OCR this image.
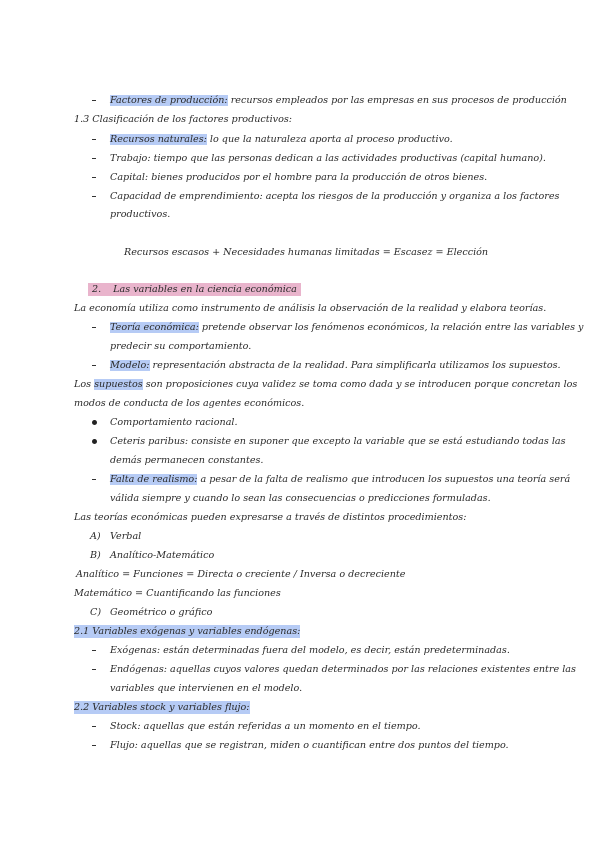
Factores de producción: recursos empleados por las empresas en sus procesos de producción
1.3 Clasificación de los factores productivos:
Recursos naturales: lo que la naturaleza aporta al proceso productivo.
Trabajo: tiempo que las personas dedican a las actividades productivas (capital humano).
Capital: bienes producidos por el hombre para la producción de otros bienes.
Capacidad de emprendimiento: acepta los riesgos de la producción y organiza a los factores
productivos.
Recursos escasos + Necesidades humanas limitadas = Escasez = Elección
2. Las variables en la ciencia económica
La economía utiliza como instrumento de análisis la observación de la realidad y elabora teorías.
Teoría económica: pretende observar los fenómenos económicos, la relación entre las variables y
predecir su comportamiento.
Modelo: representación abstracta de la realidad. Para simplificarla utilizamos los supuestos.
Los supuestos son proposiciones cuya validez se toma como dada y se introducen porque concretan los
modos de conducta de los agentes económicos.
Comportamiento racional.
Ceteris paribus: consiste en suponer que excepto la variable que se está estudiando todas las
demás permanecen constantes.
Falta de realismo: a pesar de la falta de realismo que introducen los supuestos una teoría será
válida siempre y cuando lo sean las consecuencias o predicciones formuladas.
Las teorías económicas pueden expresarse a través de distintos procedimientos:
A) Verbal
B) Analítico-Matemático
Analítico = Funciones = Directa o creciente / Inversa o decreciente
Matemático = Cuantificando las funciones
C) Geométrico o gráfico
2.1 Variables exógenas y variables endógenas:
Exógenas: están determinadas fuera del modelo, es decir, están predeterminadas.
Endógenas: aquellas cuyos valores quedan determinados por las relaciones existentes entre las
variables que intervienen en el modelo.
2.2 Variables stock y variables flujo:
Stock: aquellas que están referidas a un momento en el tiempo.
Flujo: aquellas que se registran, miden o cuantifican entre dos puntos del tiempo.
